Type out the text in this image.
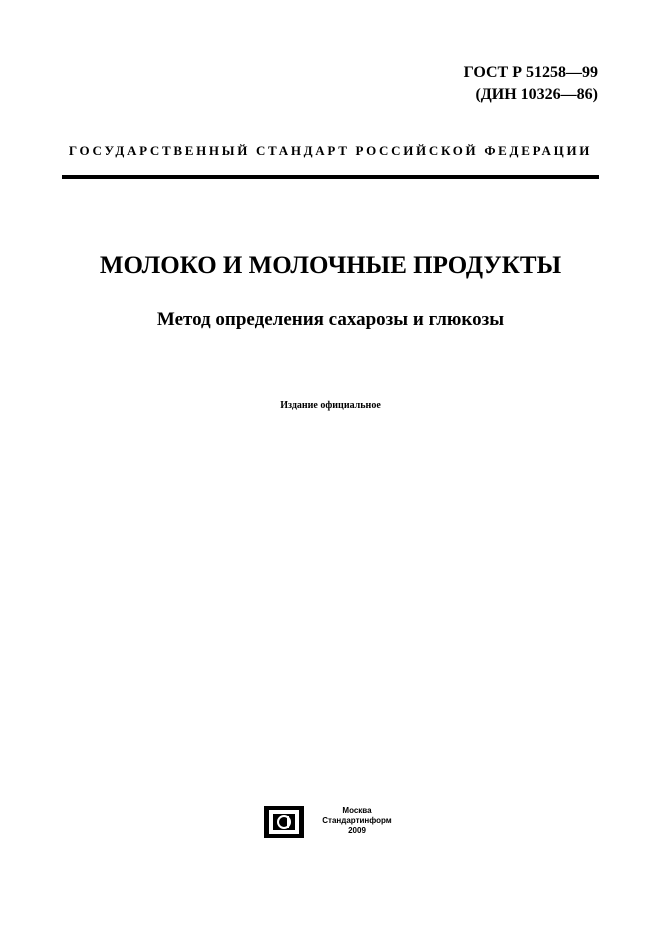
ГОСТ Р 51258—99
(ДИН 10326—86)
ГОСУДАРСТВЕННЫЙ СТАНДАРТ РОССИЙСКОЙ ФЕДЕРАЦИИ
МОЛОКО И МОЛОЧНЫЕ ПРОДУКТЫ
Метод определения сахарозы и глюкозы
Издание официальное
Москва
Стандартинформ
2009
